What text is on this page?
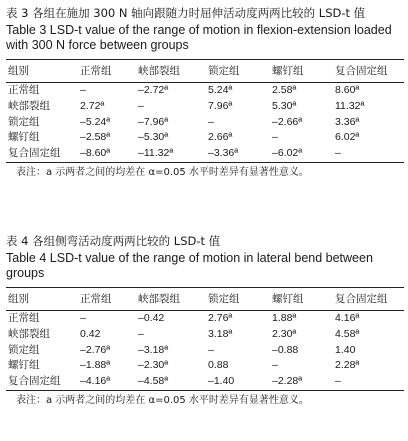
表 3 各组在施加 300 N 轴向跟随力时屈伸活动度两两比较的 LSD-t 值

Table 3 LSD-t value of the range of motion in flexion-extension loaded with 300 N force between groups

组别	正常组	峡部裂组	锁定组	螺钉组	复合固定组
正常组	–	–2.72ª	5.24ª	2.58ª	8.60ª
峡部裂组	2.72ª	–	7.96ª	5.30ª	11.32ª
锁定组	–5.24ª	–7.96ª	–	–2.66ª	3.36ª
螺钉组	–2.58ª	–5.30ª	2.66ª	–	6.02ª
复合固定组	–8.60ª	–11.32ª	–3.36ª	–6.02ª	–

表注：a 示两者之间的均差在 α=0.05 水平时差异有显著性意义。

表 4 各组侧弯活动度两两比较的 LSD-t 值

Table 4 LSD-t value of the range of motion in lateral bend between groups

组别	正常组	峡部裂组	锁定组	螺钉组	复合固定组
正常组	–	–0.42	2.76ª	1.88ª	4.16ª
峡部裂组	0.42	–	3.18ª	2.30ª	4.58ª
锁定组	–2.76ª	–3.18ª	–	–0.88	1.40
螺钉组	–1.88ª	–2.30ª	0.88	–	2.28ª
复合固定组	–4.16ª	–4.58ª	–1.40	–2.28ª	–

表注：a 示两者之间的均差在 α=0.05 水平时差异有显著性意义。
